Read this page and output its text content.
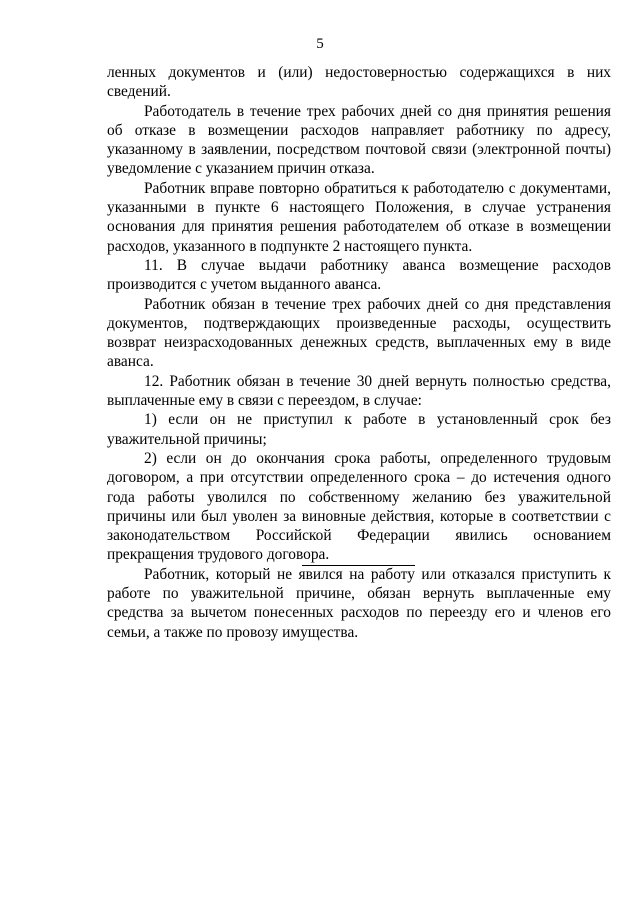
5

ленных документов и (или) недостоверностью содержащихся в них сведений.

Работодатель в течение трех рабочих дней со дня принятия решения об отказе в возмещении расходов направляет работнику по адресу, указанному в заявлении, посредством почтовой связи (электронной почты) уведомление с указанием причин отказа.

Работник вправе повторно обратиться к работодателю с документами, указанными в пункте 6 настоящего Положения, в случае устранения основания для принятия решения работодателем об отказе в возмещении расходов, указанного в подпункте 2 настоящего пункта.

11. В случае выдачи работнику аванса возмещение расходов производится с учетом выданного аванса.

Работник обязан в течение трех рабочих дней со дня представления документов, подтверждающих произведенные расходы, осуществить возврат неизрасходованных денежных средств, выплаченных ему в виде аванса.

12. Работник обязан в течение 30 дней вернуть полностью средства, выплаченные ему в связи с переездом, в случае:

1) если он не приступил к работе в установленный срок без уважительной причины;

2) если он до окончания срока работы, определенного трудовым договором, а при отсутствии определенного срока – до истечения одного года работы уволился по собственному желанию без уважительной причины или был уволен за виновные действия, которые в соответствии с законодательством Российской Федерации явились основанием прекращения трудового договора.

Работник, который не явился на работу или отказался приступить к работе по уважительной причине, обязан вернуть выплаченные ему средства за вычетом понесенных расходов по переезду его и членов его семьи, а также по провозу имущества.
